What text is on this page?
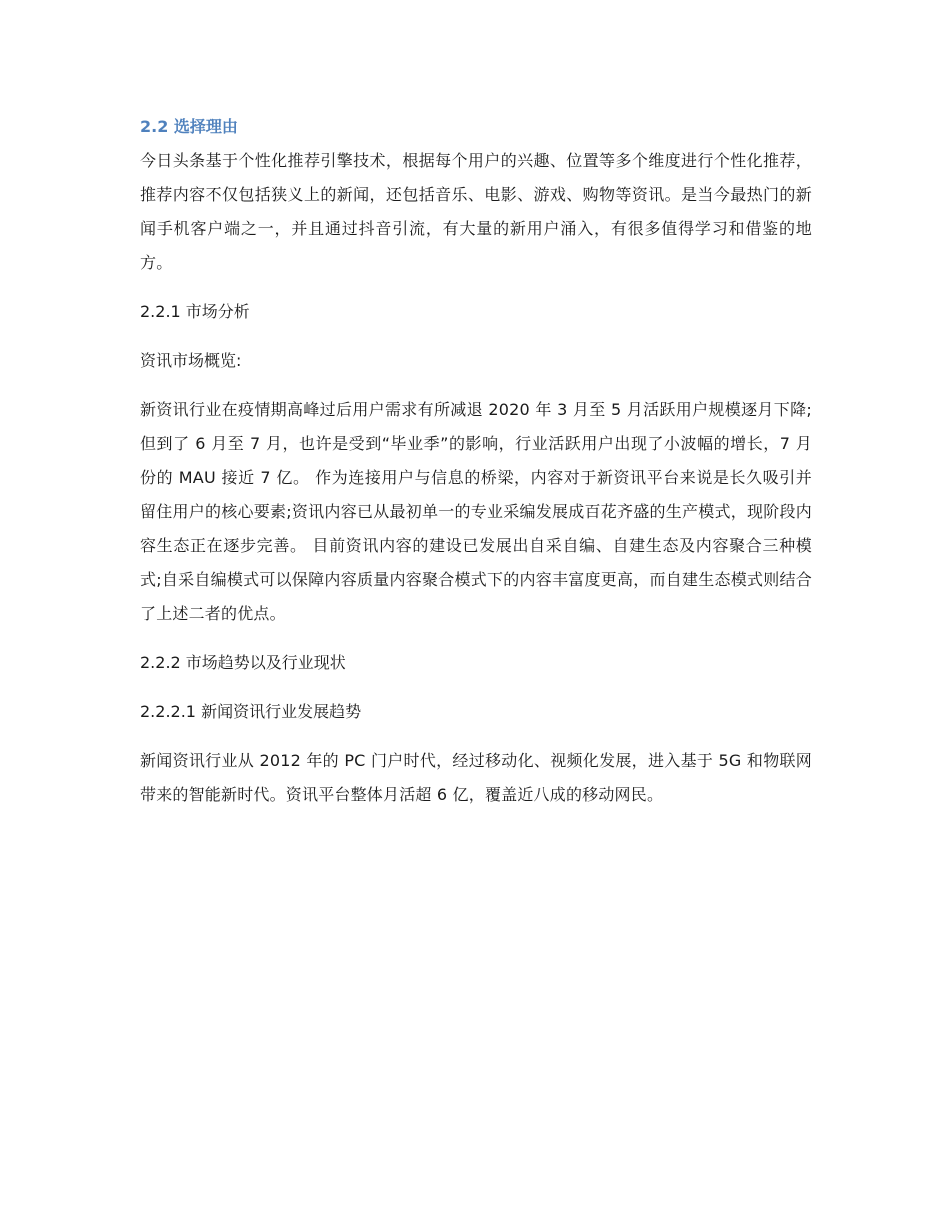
2.2 选择理由

今日头条基于个性化推荐引擎技术，根据每个用户的兴趣、位置等多个维度进行个性化推荐，推荐内容不仅包括狭义上的新闻，还包括音乐、电影、游戏、购物等资讯。是当今最热门的新闻手机客户端之一，并且通过抖音引流，有大量的新用户涌入，有很多值得学习和借鉴的地方。

2.2.1 市场分析

资讯市场概览:

新资讯行业在疫情期高峰过后用户需求有所减退 2020 年 3 月至 5 月活跃用户规模逐月下降;但到了 6 月至 7 月，也许是受到“毕业季”的影响，行业活跃用户出现了小波幅的增长，7 月份的 MAU 接近 7 亿。 作为连接用户与信息的桥梁，内容对于新资讯平台来说是长久吸引并留住用户的核心要素;资讯内容已从最初单一的专业采编发展成百花齐盛的生产模式，现阶段内容生态正在逐步完善。 目前资讯内容的建设已发展出自采自编、自建生态及内容聚合三种模式;自采自编模式可以保障内容质量内容聚合模式下的内容丰富度更高，而自建生态模式则结合了上述二者的优点。

2.2.2 市场趋势以及行业现状

2.2.2.1 新闻资讯行业发展趋势

新闻资讯行业从 2012 年的 PC 门户时代，经过移动化、视频化发展，进入基于 5G 和物联网带来的智能新时代。资讯平台整体月活超 6 亿，覆盖近八成的移动网民。
